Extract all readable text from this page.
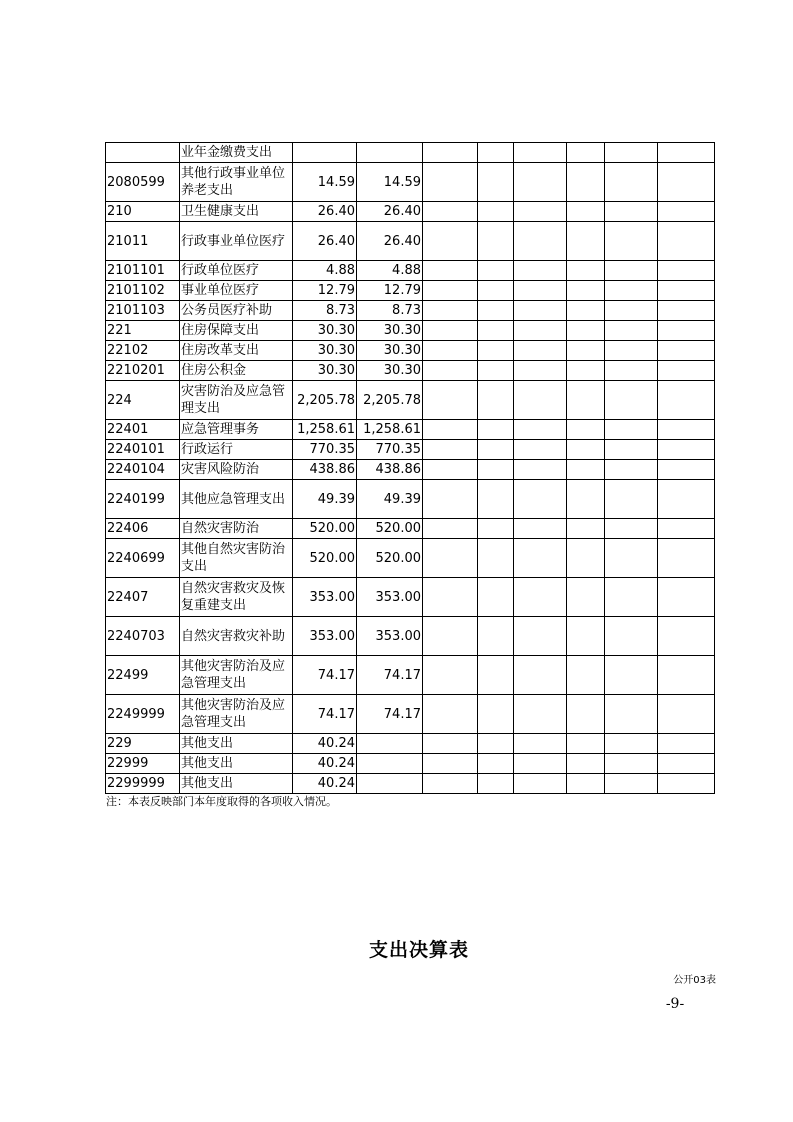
	业年金缴费支出								
2080599	其他行政事业单位养老支出	14.59	14.59						
210	卫生健康支出	26.40	26.40						
21011	行政事业单位医疗	26.40	26.40						
2101101	行政单位医疗	4.88	4.88						
2101102	事业单位医疗	12.79	12.79						
2101103	公务员医疗补助	8.73	8.73						
221	住房保障支出	30.30	30.30						
22102	住房改革支出	30.30	30.30						
2210201	住房公积金	30.30	30.30						
224	灾害防治及应急管理支出	2,205.78	2,205.78						
22401	应急管理事务	1,258.61	1,258.61						
2240101	行政运行	770.35	770.35						
2240104	灾害风险防治	438.86	438.86						
2240199	其他应急管理支出	49.39	49.39						
22406	自然灾害防治	520.00	520.00						
2240699	其他自然灾害防治支出	520.00	520.00						
22407	自然灾害救灾及恢复重建支出	353.00	353.00						
2240703	自然灾害救灾补助	353.00	353.00						
22499	其他灾害防治及应急管理支出	74.17	74.17						
2249999	其他灾害防治及应急管理支出	74.17	74.17						
229	其他支出	40.24							
22999	其他支出	40.24							
2299999	其他支出	40.24							
注：本表反映部门本年度取得的各项收入情况。
支出决算表
公开03表
-9-
